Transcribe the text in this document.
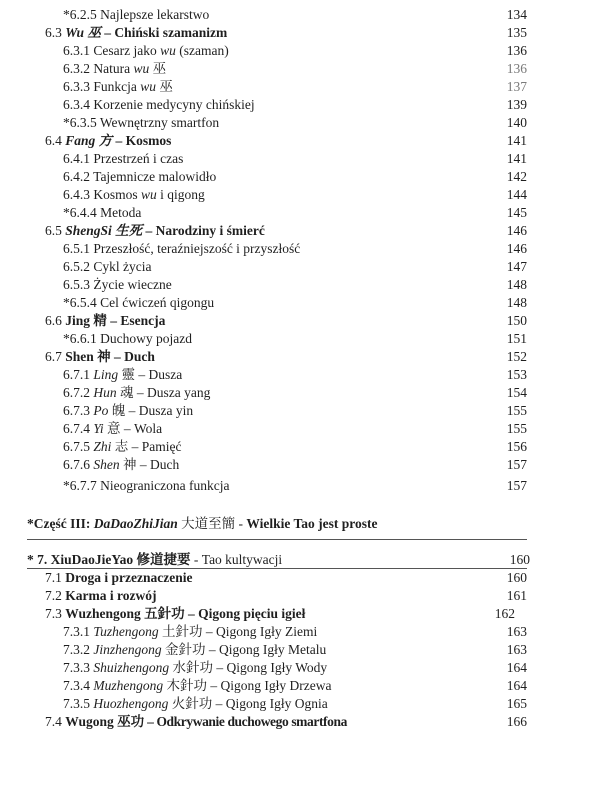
*6.2.5 Najlepsze lekarstwo	134
6.3 Wu 巫 – Chiński szamanizm	135
6.3.1 Cesarz jako wu (szaman)	136
6.3.2 Natura wu 巫	136
6.3.3 Funkcja wu 巫	137
6.3.4 Korzenie medycyny chińskiej	139
*6.3.5 Wewnętrzny smartfon	140
6.4 Fang 方 – Kosmos	141
6.4.1 Przestrzeń i czas	141
6.4.2 Tajemnicze malowidło	142
6.4.3 Kosmos wu i qigong	144
*6.4.4 Metoda	145
6.5 ShengSi 生死 – Narodziny i śmierć	146
6.5.1 Przeszłość, teraźniejszość i przyszłość	146
6.5.2 Cykl życia	147
6.5.3 Życie wieczne	148
*6.5.4 Cel ćwiczeń qigongu	148
6.6 Jing 精 – Esencja	150
*6.6.1 Duchowy pojazd	151
6.7 Shen 神 – Duch	152
6.7.1 Ling 靈 – Dusza	153
6.7.2 Hun 魂 – Dusza yang	154
6.7.3 Po 魄 – Dusza yin	155
6.7.4 Yi 意 – Wola	155
6.7.5 Zhi 志 – Pamięć	156
6.7.6 Shen 神 – Duch	157
*6.7.7 Nieograniczona funkcja	157
*Część III: DaDaoZhiJian 大道至簡 - Wielkie Tao jest proste
* 7. XiuDaoJieYao 修道捷要 - Tao kultywacji	160
7.1 Droga i przeznaczenie	160
7.2 Karma i rozwój	161
7.3 Wuzhengong 五針功 – Qigong pięciu igieł	162
7.3.1 Tuzhengong 土針功 – Qigong Igły Ziemi	163
7.3.2 Jinzhengong 金針功 – Qigong Igły Metalu	163
7.3.3 Shuizhengong 水針功 – Qigong Igły Wody	164
7.3.4 Muzhengong 木針功 – Qigong Igły Drzewa	164
7.3.5 Huozhengong 火針功 – Qigong Igły Ognia	165
7.4 Wugong 巫功 – Odkrywanie duchowego smartfona	166
